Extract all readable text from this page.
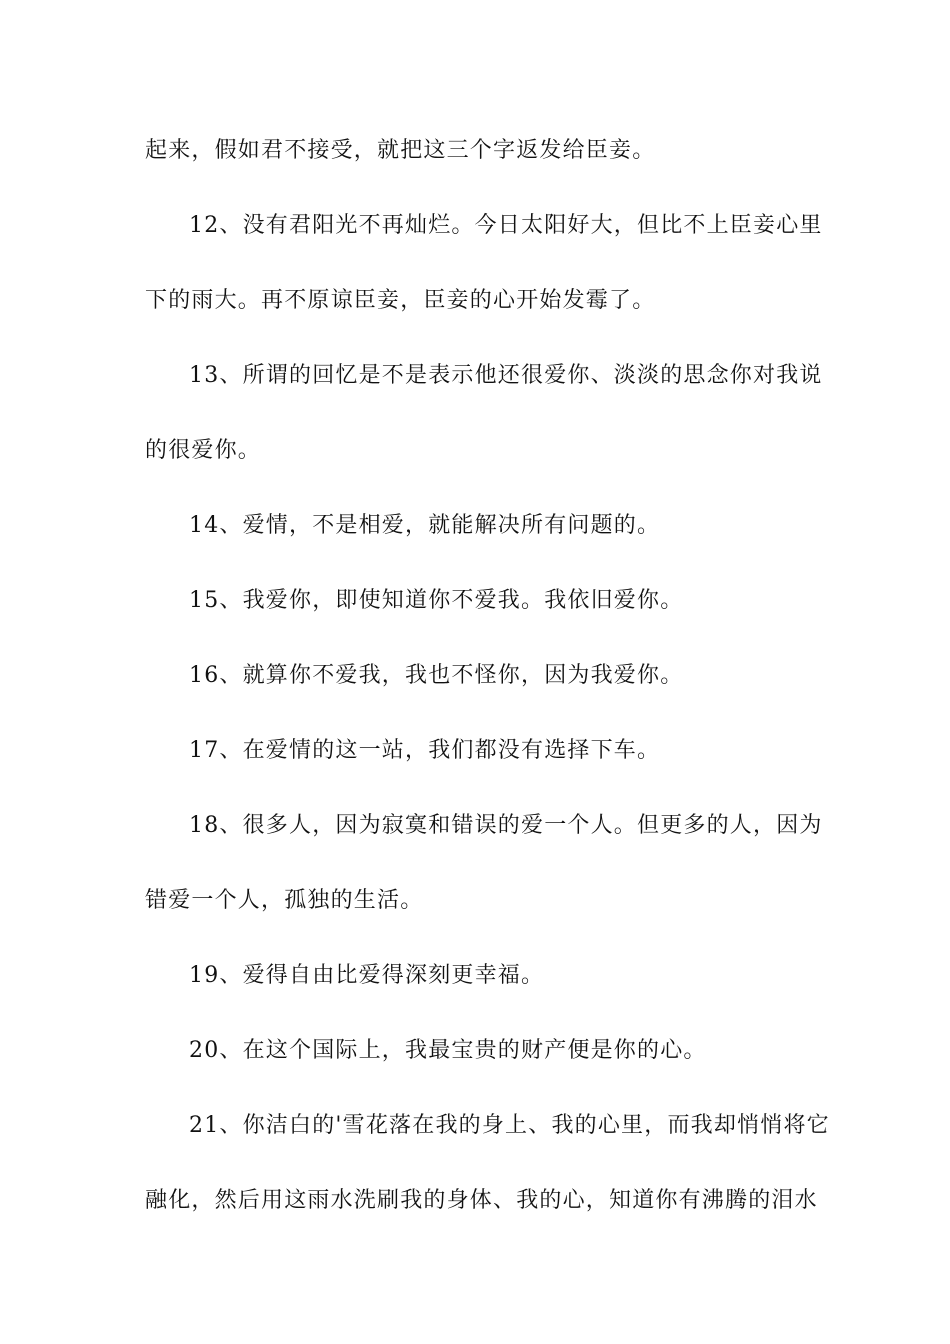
起来，假如君不接受，就把这三个字返发给臣妾。
12、没有君阳光不再灿烂。今日太阳好大，但比不上臣妾心里
下的雨大。再不原谅臣妾，臣妾的心开始发霉了。
13、所谓的回忆是不是表示他还很爱你、淡淡的思念你对我说
的很爱你。
14、爱情，不是相爱，就能解决所有问题的。
15、我爱你，即使知道你不爱我。我依旧爱你。
16、就算你不爱我，我也不怪你，因为我爱你。
17、在爱情的这一站，我们都没有选择下车。
18、很多人，因为寂寞和错误的爱一个人。但更多的人，因为
错爱一个人，孤独的生活。
19、爱得自由比爱得深刻更幸福。
20、在这个国际上，我最宝贵的财产便是你的心。
21、你洁白的'雪花落在我的身上、我的心里，而我却悄悄将它
融化，然后用这雨水洗刷我的身体、我的心，知道你有沸腾的泪水
